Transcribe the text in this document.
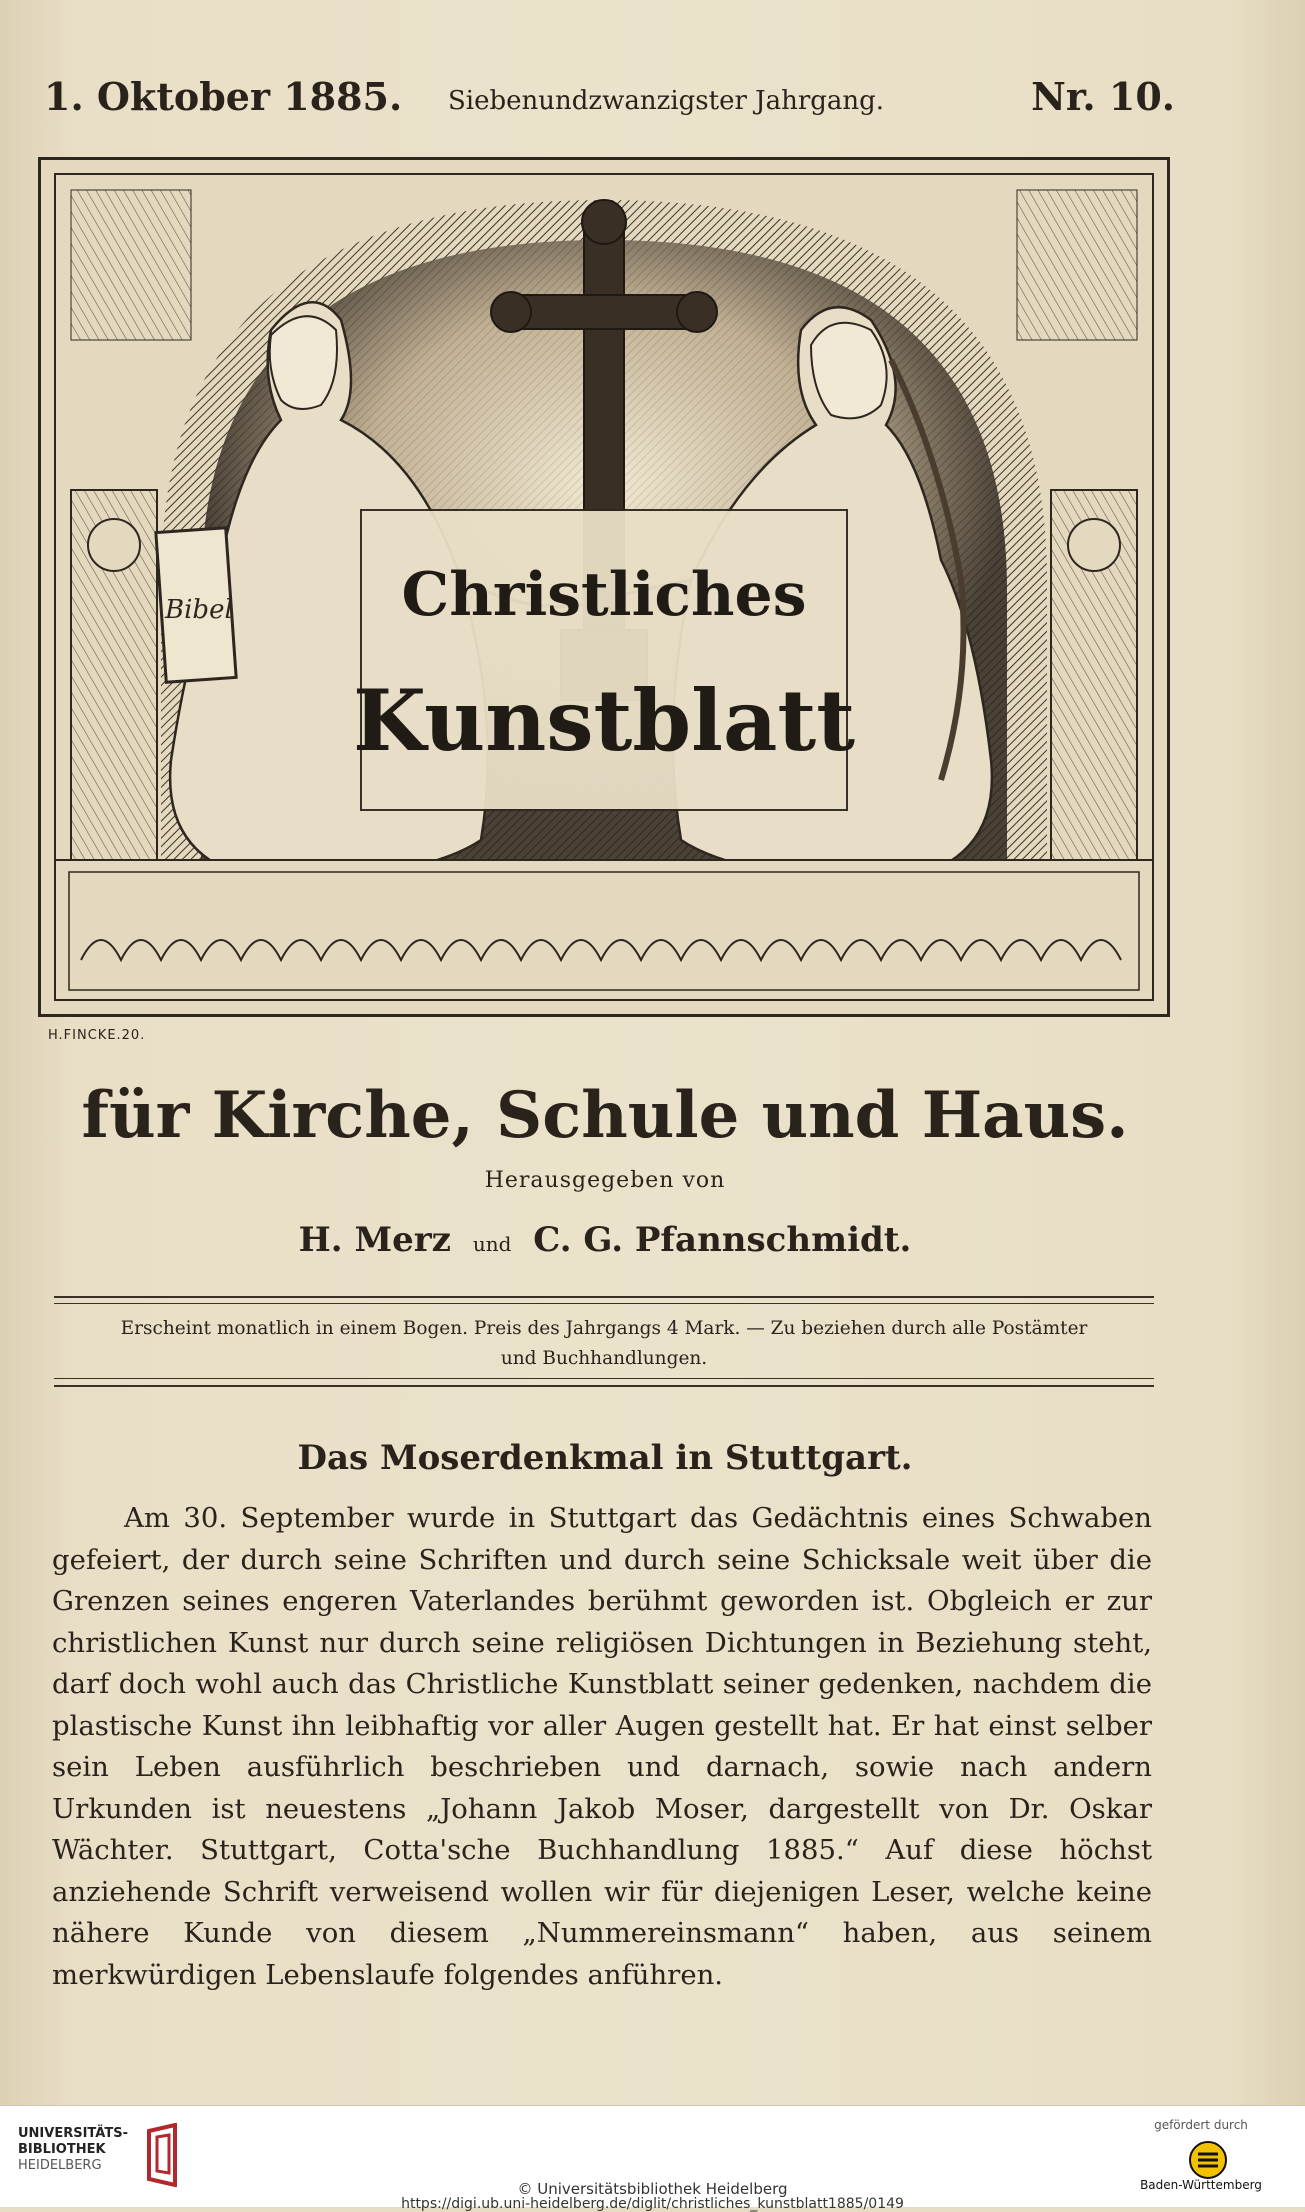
1. Oktober 1885. Siebenundzwanzigster Jahrgang.	Nr. 10.
Bibel	Christliches
Kunstblatt
H.FINCKE.20.
für Kirche, Schule und Haus.
Herausgegeben von
H. Merz und C. G. Pfannschmidt.
Erscheint monatlich in einem Bogen. Preis des Jahrgangs 4 Mark. — Zu beziehen durch alle Postämter
und Buchhandlungen.
Das Moserdenkmal in Stuttgart.

Am 30. September wurde in Stuttgart das Gedächtnis eines Schwaben gefeiert, der durch seine Schriften und durch seine Schicksale weit über die Grenzen seines engeren Vaterlandes berühmt geworden ist. Obgleich er zur christlichen Kunst nur durch seine religiösen Dichtungen in Beziehung steht, darf doch wohl auch das Christliche Kunstblatt seiner gedenken, nachdem die plastische Kunst ihn leibhaftig vor aller Augen gestellt hat. Er hat einst selber sein Leben ausführlich beschrieben und darnach, sowie nach andern Urkunden ist neuestens „Johann Jakob Moser, dargestellt von Dr. Oskar Wächter. Stuttgart, Cotta'sche Buchhandlung 1885.“ Auf diese höchst anziehende Schrift verweisend wollen wir für diejenigen Leser, welche keine nähere Kunde von diesem „Nummereinsmann“ haben, aus seinem merkwürdigen Lebenslaufe folgendes anführen.

UNIVERSITÄTS-
BIBLIOTHEK
HEIDELBERG
© Universitätsbibliothek Heidelberg
https://digi.ub.uni-heidelberg.de/diglit/christliches_kunstblatt1885/0149
gefördert durch
Baden-Württemberg
